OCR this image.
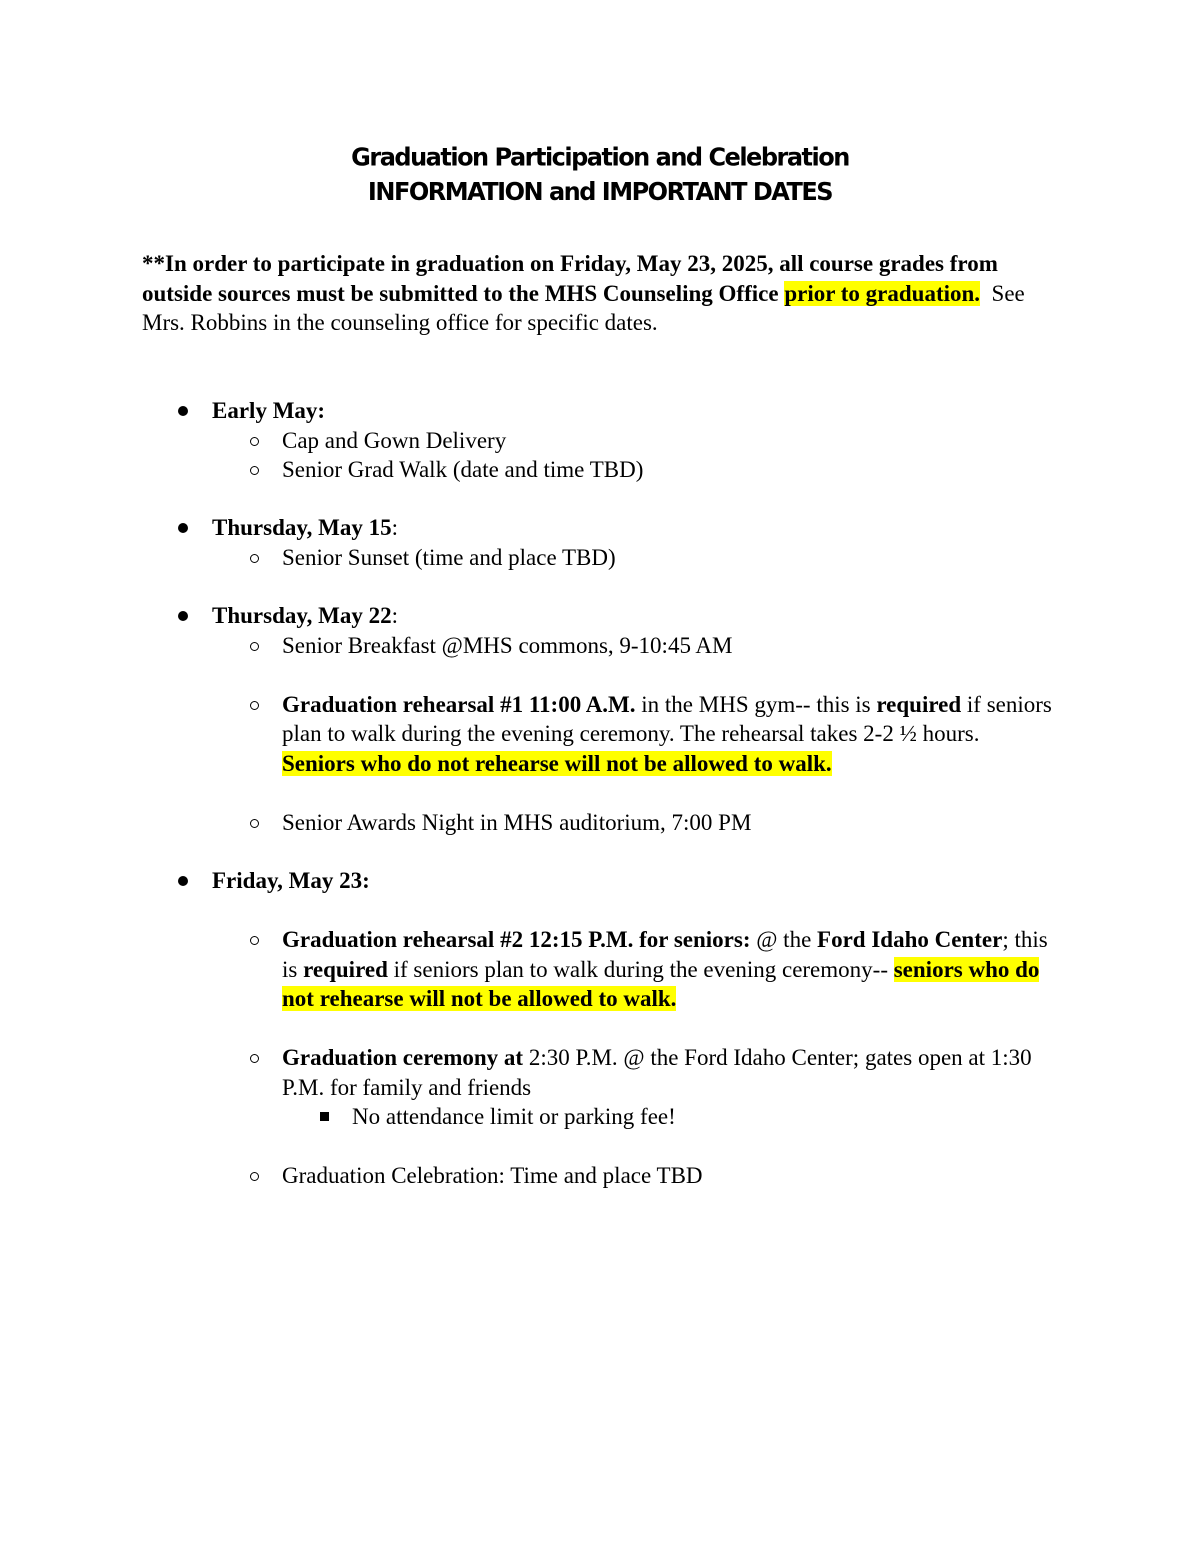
Graduation Participation and Celebration
INFORMATION and IMPORTANT DATES

**In order to participate in graduation on Friday, May 23, 2025, all course grades from outside sources must be submitted to the MHS Counseling Office prior to graduation. See Mrs. Robbins in the counseling office for specific dates.

Early May:
Cap and Gown Delivery
Senior Grad Walk (date and time TBD)
Thursday, May 15:
Senior Sunset (time and place TBD)
Thursday, May 22:
Senior Breakfast @MHS commons, 9-10:45 AM
Graduation rehearsal #1 11:00 A.M. in the MHS gym-- this is required if seniors plan to walk during the evening ceremony. The rehearsal takes 2-2 ½ hours.   Seniors who do not rehearse will not be allowed to walk.
Senior Awards Night in MHS auditorium, 7:00 PM
Friday, May 23:
Graduation rehearsal #2 12:15 P.M. for seniors: @ the Ford Idaho Center; this is required if seniors plan to walk during the evening ceremony-- seniors who do not rehearse will not be allowed to walk.
Graduation ceremony at 2:30 P.M. @ the Ford Idaho Center; gates open at 1:30 P.M. for family and friends
No attendance limit or parking fee!
Graduation Celebration: Time and place TBD
